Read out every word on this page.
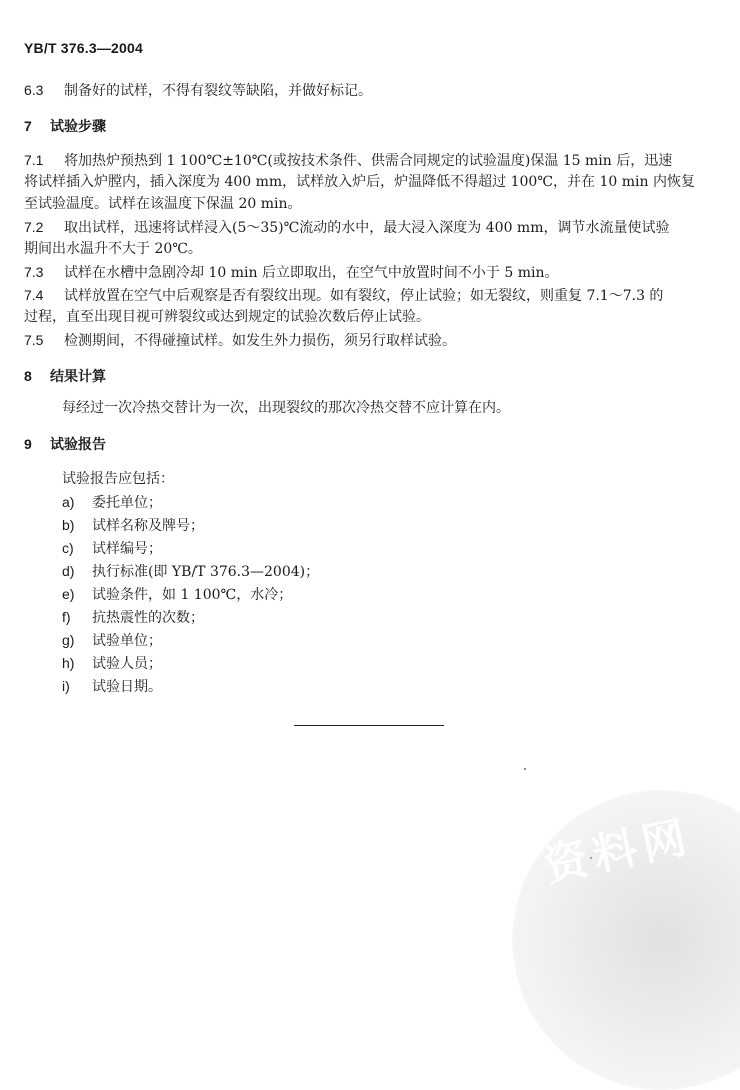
YB/T 376.3—2004
6.3 制备好的试样，不得有裂纹等缺陷，并做好标记。
7 试验步骤
7.1 将加热炉预热到 1 100℃±10℃(或按技术条件、供需合同规定的试验温度)保温 15 min 后，迅速
将试样插入炉膛内，插入深度为 400 mm，试样放入炉后，炉温降低不得超过 100℃，并在 10 min 内恢复
至试验温度。试样在该温度下保温 20 min。
7.2 取出试样，迅速将试样浸入(5～35)℃流动的水中，最大浸入深度为 400 mm，调节水流量使试验
期间出水温升不大于 20℃。
7.3 试样在水槽中急剧冷却 10 min 后立即取出，在空气中放置时间不小于 5 min。
7.4 试样放置在空气中后观察是否有裂纹出现。如有裂纹，停止试验；如无裂纹，则重复 7.1～7.3 的
过程，直至出现目视可辨裂纹或达到规定的试验次数后停止试验。
7.5 检测期间，不得碰撞试样。如发生外力损伤，须另行取样试验。
8 结果计算
每经过一次冷热交替计为一次，出现裂纹的那次冷热交替不应计算在内。
9 试验报告
试验报告应包括：
a) 委托单位；
b) 试样名称及牌号；
c) 试样编号；
d) 执行标准(即 YB/T 376.3—2004)；
e) 试验条件，如 1 100℃，水冷；
f) 抗热震性的次数；
g) 试验单位；
h) 试验人员；
i) 试验日期。
资料网
